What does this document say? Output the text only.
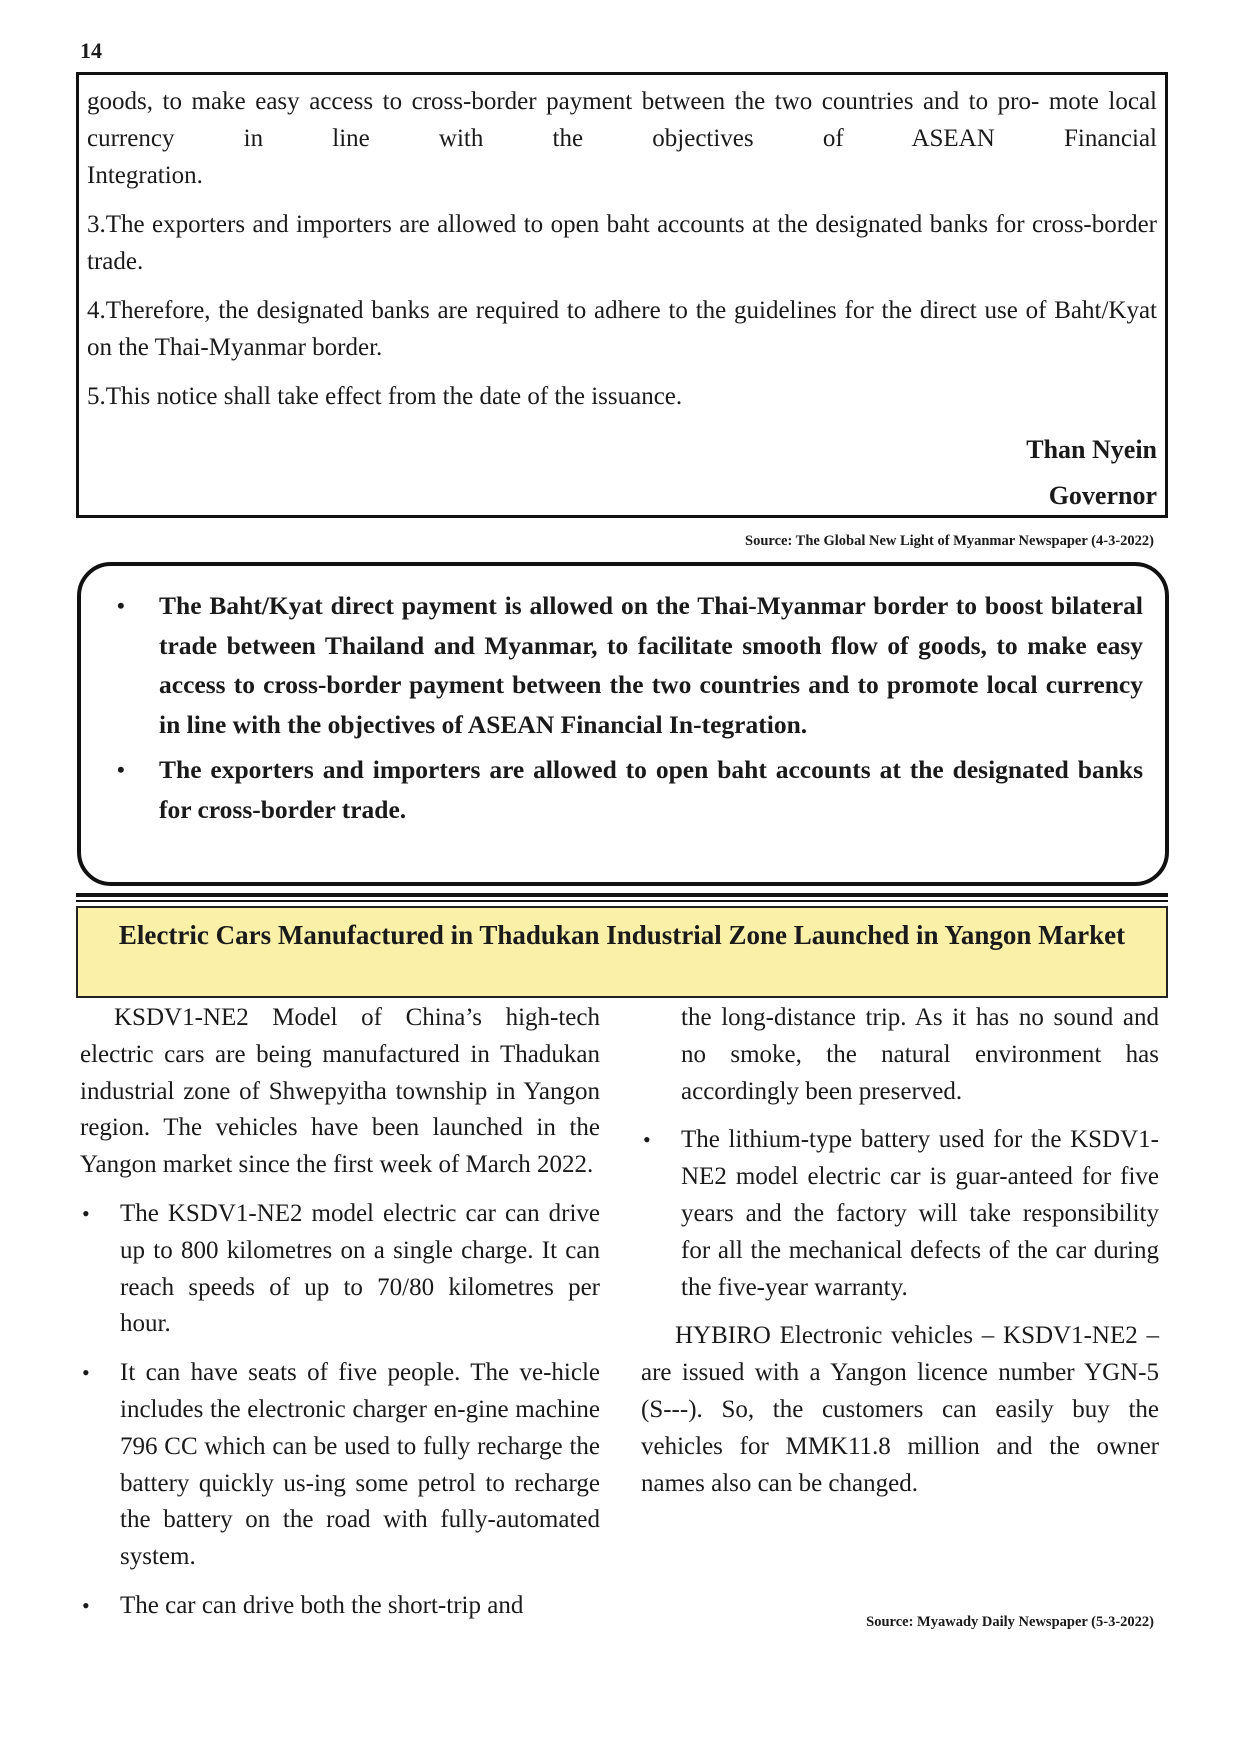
14

goods, to make easy access to cross-border payment between the two countries and to pro- mote local currency in line with the objectives of ASEAN Financial
Integration.

3.The exporters and importers are allowed to open baht accounts at the designated banks for cross-border trade.

4.Therefore, the designated banks are required to adhere to the guidelines for the direct use of Baht/Kyat on the Thai-Myanmar border.

5.This notice shall take effect from the date of the issuance.

Than Nyein
Governor
Source: The Global New Light of Myanmar Newspaper (4-3-2022)
• The Baht/Kyat direct payment is allowed on the Thai-Myanmar border to boost bilateral trade between Thailand and Myanmar, to facilitate smooth flow of goods, to make easy access to cross-border payment between the two countries and to promote local currency in line with the objectives of ASEAN Financial In-tegration.
• The exporters and importers are allowed to open baht accounts at the designated banks for cross-border trade.
Electric Cars Manufactured in Thadukan Industrial Zone Launched in Yangon Market

KSDV1-NE2 Model of China’s high-tech electric cars are being manufactured in Thadukan industrial zone of Shwepyitha township in Yangon region. The vehicles have been launched in the Yangon market since the first week of March 2022.

• The KSDV1-NE2 model electric car can drive up to 800 kilometres on a single charge. It can reach speeds of up to 70/80 kilometres per hour.
• It can have seats of five people. The ve-hicle includes the electronic charger en-gine machine 796 CC which can be used to fully recharge the battery quickly us-ing some petrol to recharge the battery on the road with fully-automated system.
• The car can drive both the short-trip and

the long-distance trip. As it has no sound and no smoke, the natural environment has accordingly been preserved.

• The lithium-type battery used for the KSDV1-NE2 model electric car is guar-anteed for five years and the factory will take responsibility for all the mechanical defects of the car during the five-year warranty.

HYBIRO Electronic vehicles – KSDV1-NE2 – are issued with a Yangon licence number YGN-5 (S---). So, the customers can easily buy the vehicles for MMK11.8 million and the owner names also can be changed.

Source: Myawady Daily Newspaper (5-3-2022)
